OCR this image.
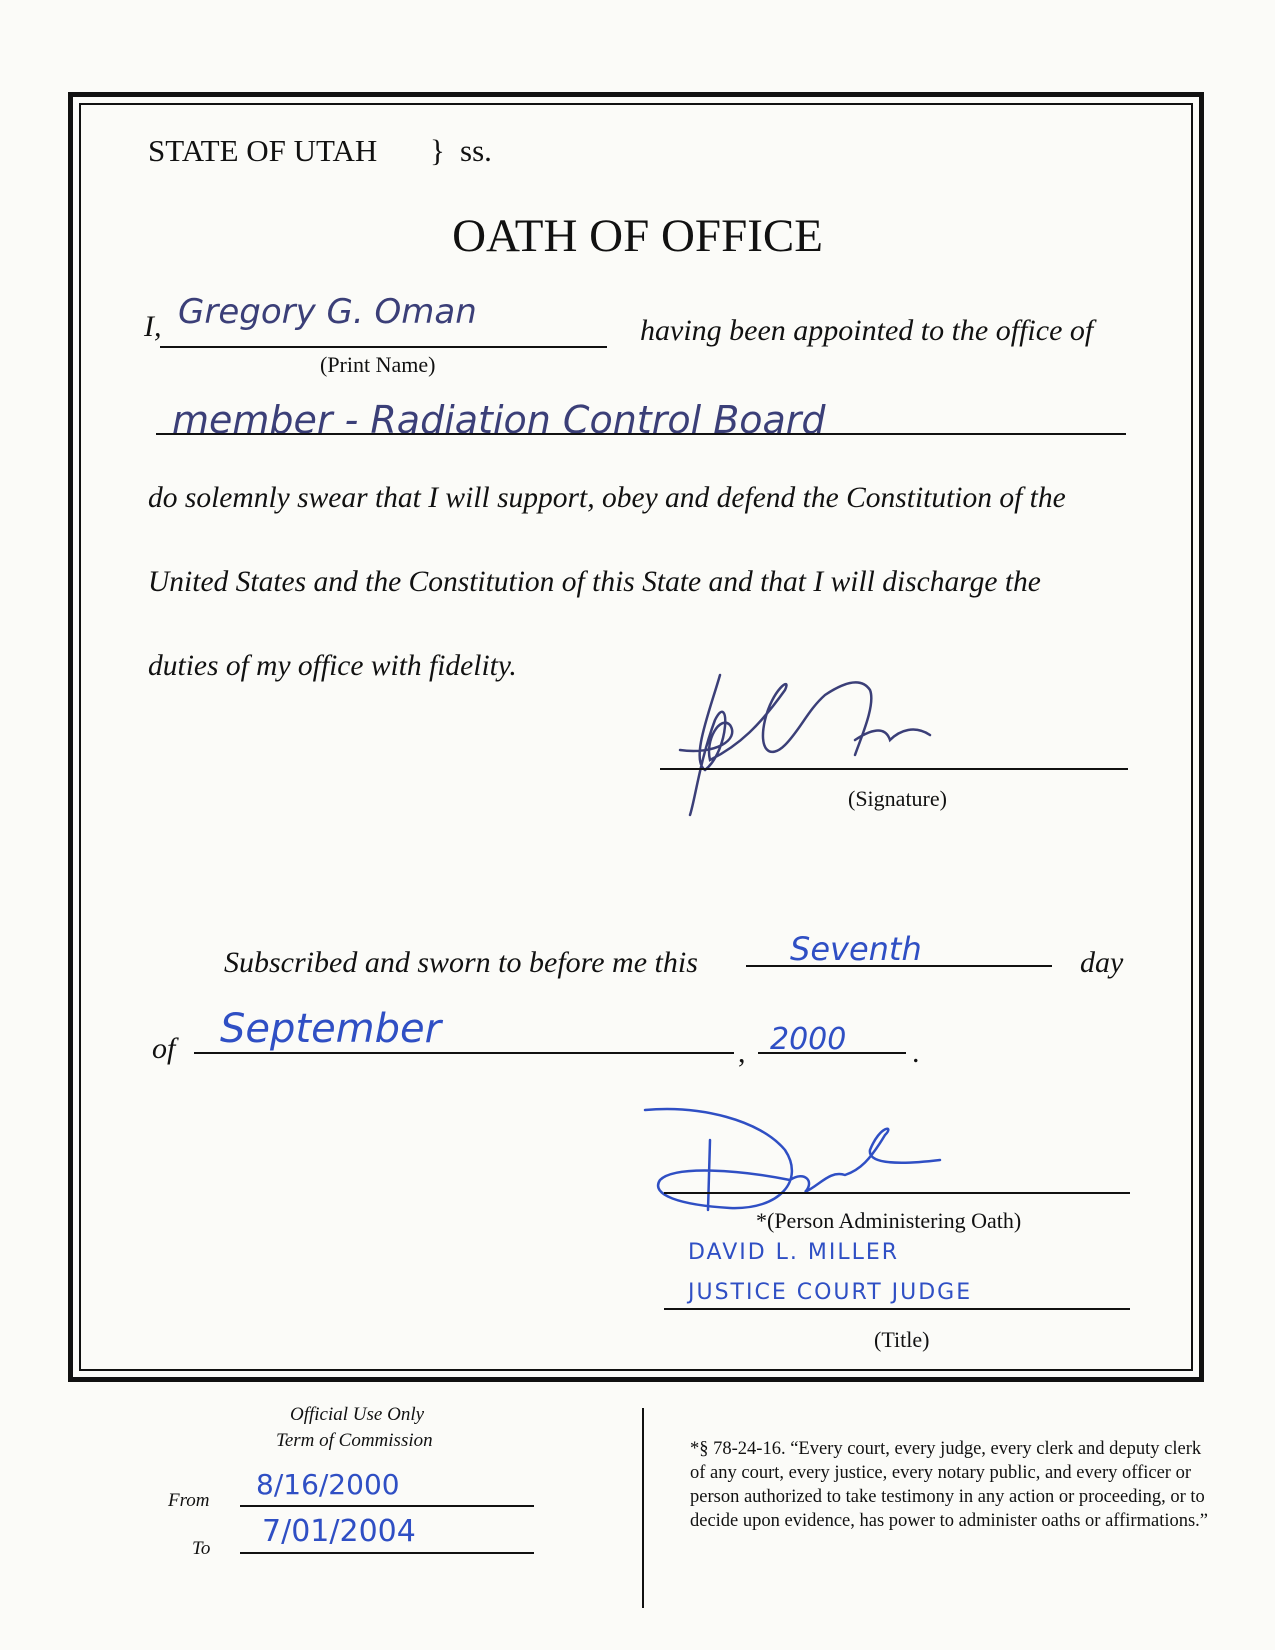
STATE OF UTAH } ss.
OATH OF OFFICE
I, Gregory G. Oman
(Print Name)
having been appointed to the office of
member - Radiation Control Board
do solemnly swear that I will support, obey and defend the Constitution of the
United States and the Constitution of this State and that I will discharge the
duties of my office with fidelity.
(Signature)
Subscribed and sworn to before me this	Seventh	day
of September
, 2000 .
*(Person Administering Oath)
DAVID L. MILLER
JUSTICE COURT JUDGE
(Title)
Official Use Only
Term of Commission
From 8/16/2000
To 7/01/2004
*§ 78-24-16. “Every court, every judge, every clerk and deputy clerk of any court, every justice, every notary public, and every officer or person authorized to take testimony in any action or proceeding, or to decide upon evidence, has power to administer oaths or affirmations.”
